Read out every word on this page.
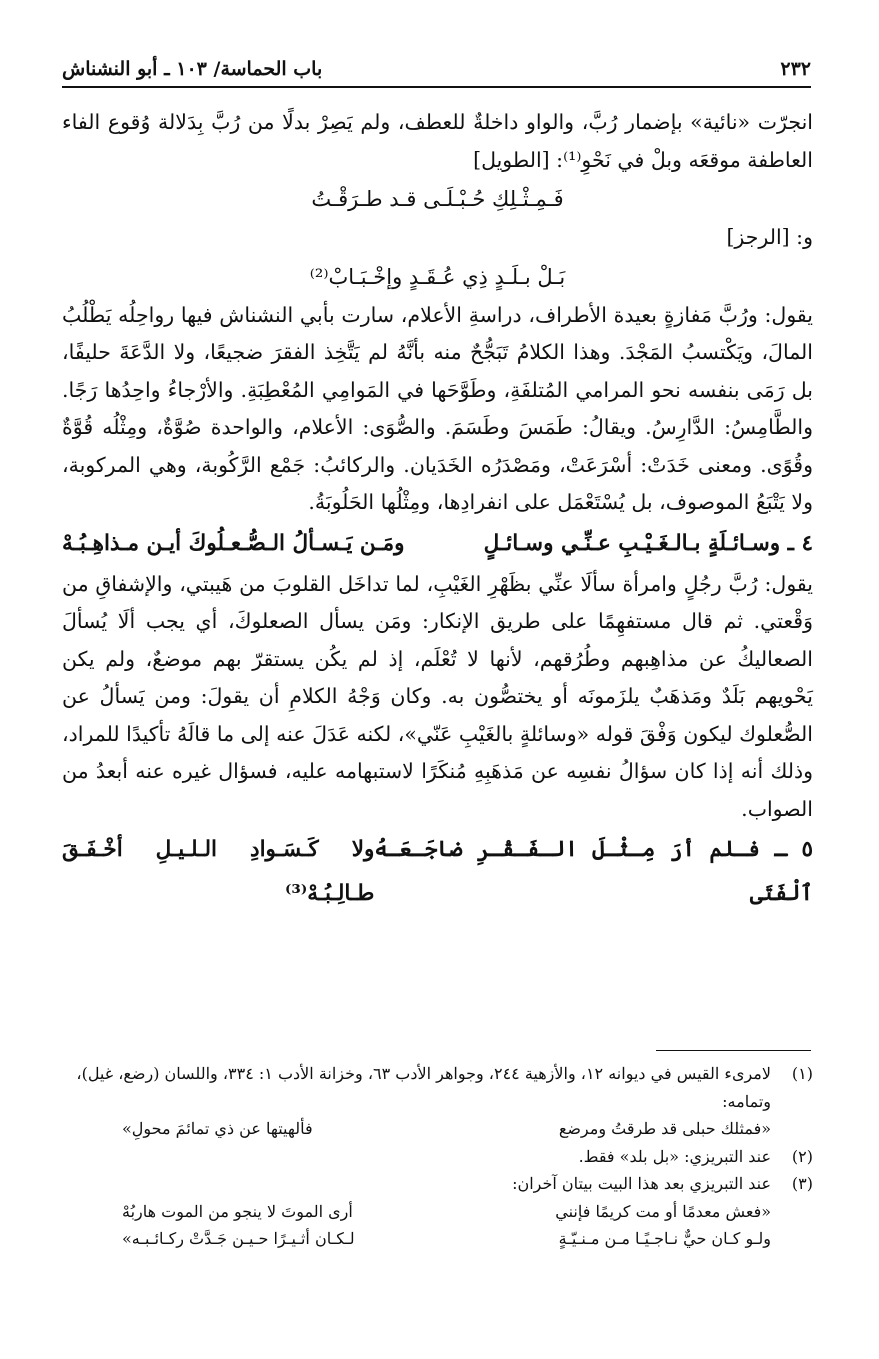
٢٣٢
باب الحماسة/ ١٠٣ ـ أبو النشناش

انجرّت «نائية» بإضمار رُبَّ، والواو داخلةٌ للعطف، ولم يَصِرْ بدلًا من رُبَّ بِدَلالة وُقوع الفاء العاطفة موقعَه وبلْ في نَحْوِ⁽¹⁾: [الطويل]

فَـمِـثْـلِكِ حُـبْـلَـى قـد طـرَقْـتُ

و: [الرجز]

بَـلْ بـلَـدٍ ذِي عُـقَـدٍ وإخْـبَـابْ⁽²⁾

يقول: ورُبَّ مَفازةٍ بعيدة الأطراف، دراسةِ الأعلام، سارت بأبي النشناش فيها رواحِلُه يَطْلُبُ المالَ، ويَكْتسبُ المَجْدَ. وهذا الكلامُ تَبَجُّحٌ منه بأنَّهُ لم يَتَّخِذ الفقرَ ضجيعًا، ولا الدَّعَةَ حليفًا، بل رَمَى بنفسه نحو المرامي المُتلفَةِ، وطَوَّحَها في المَوامِي المُعْطِبَةِ. والأرْجاءُ واحِدُها رَجًا. والطَّامِسُ: الدَّارِسُ. ويقالُ: طَمَسَ وطَسَمَ. والصُّوَى: الأعلام، والواحدة صُوَّةٌ، ومِثْلُه قُوَّةٌ وقُوًى. ومعنى خَدَتْ: أسْرَعَتْ، ومَصْدَرُه الخَدَيان. والركائبُ: جَمْع الرَّكُوبة، وهي المركوبة، ولا يَتْبَعُ الموصوف، بل يُسْتَعْمَل على انفرادِها، ومِثْلُها الحَلُوبَةُ.

٤ ـ وسـائـلَةٍ بـالـغَـيْـبِ عـنِّـي وسـائـلٍ
ومَـن يَـسـألُ الـصُّـعـلُوكَ أيـن مـذاهِـبُـهْ

يقول: رُبَّ رجُلٍ وامرأة سألَا عنِّي بظَهْرِ الغَيْبِ، لما تداخَل القلوبَ من هَيبتي، والإشفاقِ من وَقْعتي. ثم قال مستفهِمًا على طريق الإنكار: ومَن يسأل الصعلوكَ، أي يجب ألَا يُسألَ الصعاليكُ عن مذاهِبهم وطُرُقهم، لأنها لا تُعْلَم، إذ لم يكُن يستقرّ بهم موضعٌ، ولم يكن يَحْويهم بَلَدٌ ومَذهَبٌ يلزَمونَه أو يختصُّون به. وكان وَجْهُ الكلامِ أن يقولَ: ومن يَسألُ عن الصُّعلوك ليكون وَفْقَ قوله «وسائلةٍ بالغَيْبِ عَنّي»، لكنه عَدَلَ عنه إلى ما قالَهُ تأكيدًا للمراد، وذلك أنه إذا كان سؤالُ نفسِه عن مَذهَبِهِ مُنكَرًا لاستبهامه عليه، فسؤال غيره عنه أبعدُ من الصواب.

٥ ـ فـلم أرَ مِـثْـلَ الـفَـقْـرِ ضاجَـعَـهُ ٱلْفَتَى
ولا كَـسَـوادِ الـلـيـلِ أخْـفَـقَ طـالِـبُـهْ⁽³⁾
(١)
لامرىء القيس في ديوانه ١٢، والأزهية ٢٤٤، وجواهر الأدب ٦٣، وخزانة الأدب ١: ٣٣٤، واللسان (رضع، غيل)، وتمامه:
«فمثلك حبلى قد طرقتُ ومرضع
فألهيتها عن ذي تمائمَ محولِ»
(٢)
عند التبريزي: «بل بلد» فقط.
(٣)
عند التبريزي بعد هذا البيت بيتان آخران:
«فعش معدمًا أو مت كريمًا فإنني
أرى الموتَ لا ينجو من الموت هاربُهْ
ولـو كـان حيٌّ نـاجـيًـا مـن مـنـيّـةٍ
لـكـان أثـيـرًا حـيـن جَـدَّتْ ركـائـبـه»
